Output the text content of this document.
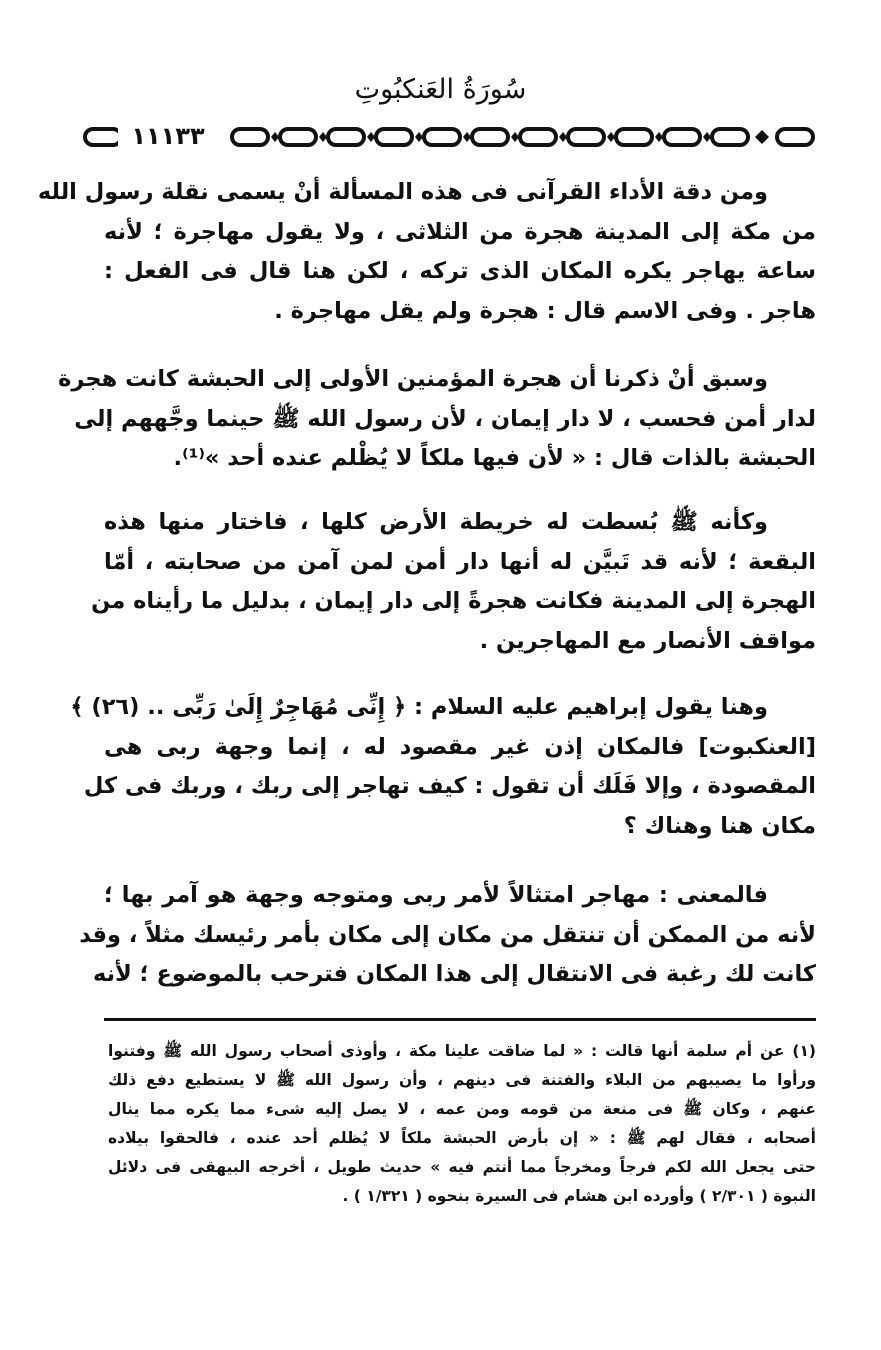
سُورَةُ العَنكبُوتِ
١١١٣٣

ومن دقة الأداء القرآنى فى هذه المسألة أنْ يسمى نقلة رسول الله
من مكة إلى المدينة هجرة من الثلاثى ، ولا يقول مهاجرة ؛ لأنه
ساعة يهاجر يكره المكان الذى تركه ، لكن هنا قال فى الفعل :
هاجر . وفى الاسم قال : هجرة ولم يقل مهاجرة .

وسبق أنْ ذكرنا أن هجرة المؤمنين الأولى إلى الحبشة كانت هجرة
لدار أمن فحسب ، لا دار إيمان ، لأن رسول الله ﷺ حينما وجَّههم إلى
الحبشة بالذات قال : « لأن فيها ملكاً لا يُظْلم عنده أحد »⁽¹⁾.

وكأنه ﷺ بُسطت له خريطة الأرض كلها ، فاختار منها هذه
البقعة ؛ لأنه قد تَبيَّن له أنها دار أمن لمن آمن من صحابته ، أمّا
الهجرة إلى المدينة فكانت هجرةً إلى دار إيمان ، بدليل ما رأيناه من
مواقف الأنصار مع المهاجرين .

وهنا يقول إبراهيم عليه السلام : ﴿ إِنِّى مُهَاجِرٌ إِلَىٰ رَبِّى .. (٢٦) ﴾
[العنكبوت] فالمكان إذن غير مقصود له ، إنما وجهة ربى هى
المقصودة ، وإلا فَلَك أن تقول : كيف تهاجر إلى ربك ، وربك فى كل
مكان هنا وهناك ؟

فالمعنى : مهاجر امتثالاً لأمر ربى ومتوجه وجهة هو آمر بها ؛
لأنه من الممكن أن تنتقل من مكان إلى مكان بأمر رئيسك مثلاً ، وقد
كانت لك رغبة فى الانتقال إلى هذا المكان فترحب بالموضوع ؛ لأنه

(١) عن أم سلمة أنها قالت : « لما ضاقت علينا مكة ، وأوذى أصحاب رسول الله ﷺ وفتنوا
ورأوا ما يصيبهم من البلاء والفتنة فى دينهم ، وأن رسول الله ﷺ لا يستطيع دفع ذلك
عنهم ، وكان ﷺ فى منعة من قومه ومن عمه ، لا يصل إليه شىء مما يكره مما ينال
أصحابه ، فقال لهم ﷺ : « إن بأرض الحبشة ملكاً لا يُظلم أحد عنده ، فالحقوا بيلاده
حتى يجعل الله لكم فرجاً ومخرجاً مما أنتم فيه » حديث طويل ، أخرجه البيهقى فى دلائل
النبوة ( ٢/٣٠١ ) وأورده ابن هشام فى السيرة بنحوه ( ١/٣٢١ ) .
